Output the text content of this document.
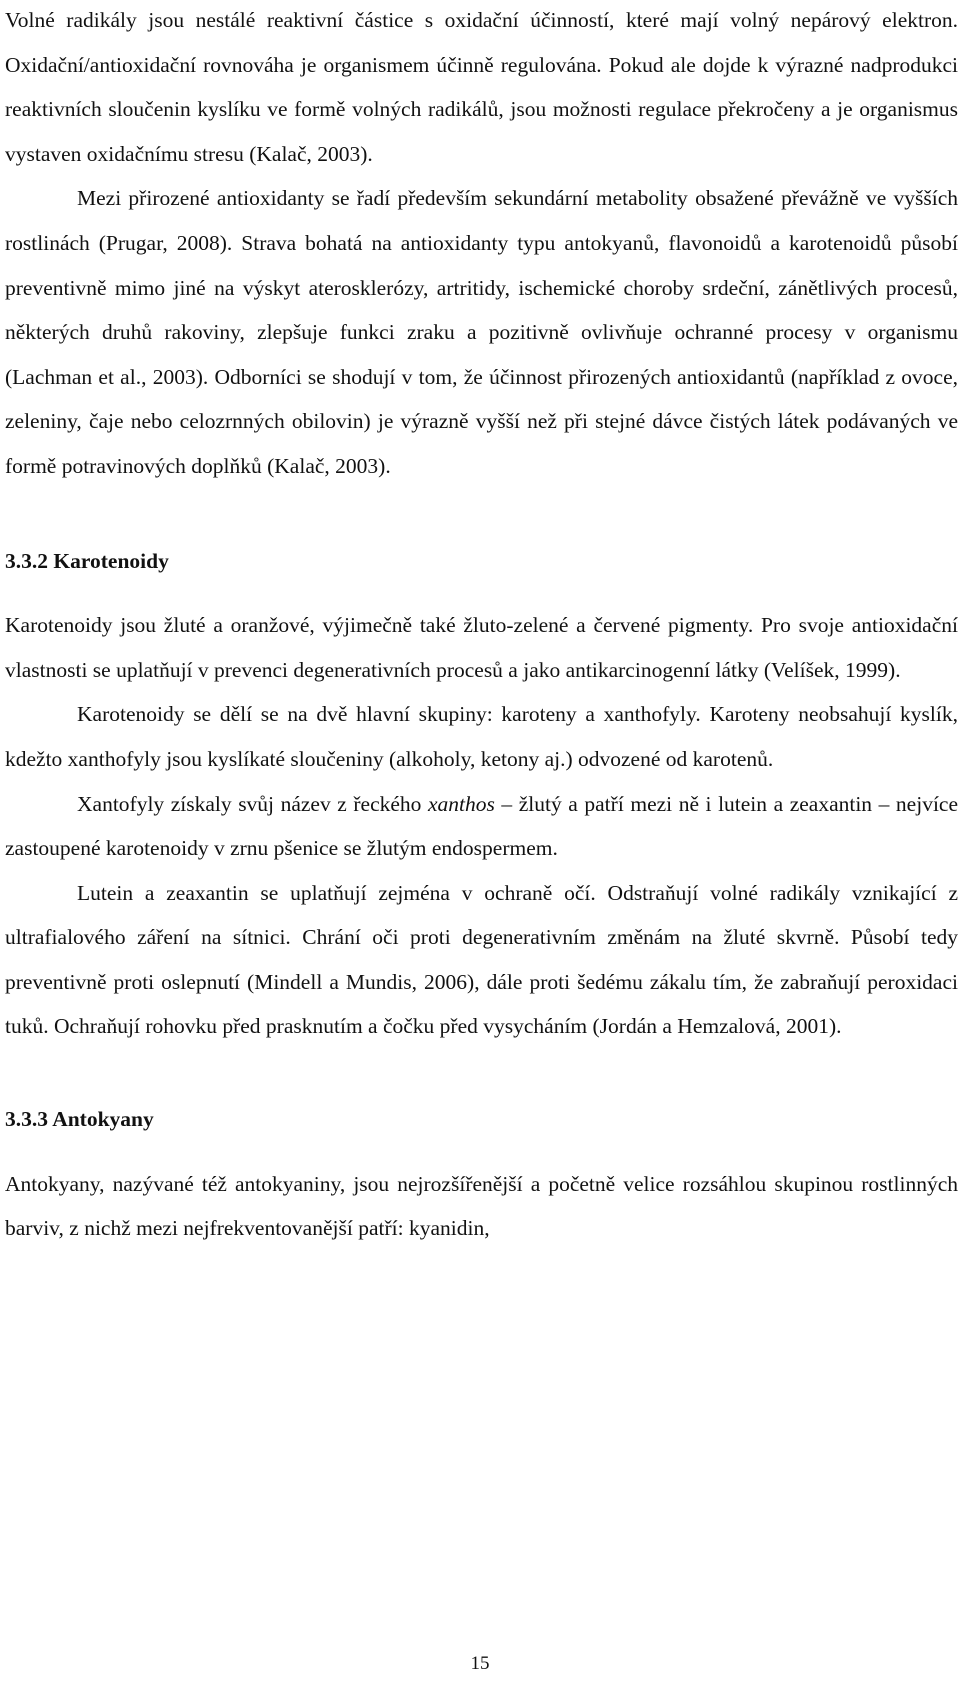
Volné radikály jsou nestálé reaktivní částice s oxidační účinností, které mají volný nepárový elektron. Oxidační/antioxidační rovnováha je organismem účinně regulována. Pokud ale dojde k výrazné nadprodukci reaktivních sloučenin kyslíku ve formě volných radikálů, jsou možnosti regulace překročeny a je organismus vystaven oxidačnímu stresu (Kalač, 2003).

Mezi přirozené antioxidanty se řadí především sekundární metabolity obsažené převážně ve vyšších rostlinách (Prugar, 2008). Strava bohatá na antioxidanty typu antokyanů, flavonoidů a karotenoidů působí preventivně mimo jiné na výskyt aterosklerózy, artritidy, ischemické choroby srdeční, zánětlivých procesů, některých druhů rakoviny, zlepšuje funkci zraku a pozitivně ovlivňuje ochranné procesy v organismu (Lachman et al., 2003). Odborníci se shodují v tom, že účinnost přirozených antioxidantů (například z ovoce, zeleniny, čaje nebo celozrnných obilovin) je výrazně vyšší než při stejné dávce čistých látek podávaných ve formě potravinových doplňků (Kalač, 2003).

3.3.2 Karotenoidy

Karotenoidy jsou žluté a oranžové, výjimečně také žluto-zelené a červené pigmenty. Pro svoje antioxidační vlastnosti se uplatňují v prevenci degenerativních procesů a jako antikarcinogenní látky (Velíšek, 1999).

Karotenoidy se dělí se na dvě hlavní skupiny: karoteny a xanthofyly. Karoteny neobsahují kyslík, kdežto xanthofyly jsou kyslíkaté sloučeniny (alkoholy, ketony aj.) odvozené od karotenů.

Xantofyly získaly svůj název z řeckého xanthos – žlutý a patří mezi ně i lutein a zeaxantin – nejvíce zastoupené karotenoidy v zrnu pšenice se žlutým endospermem.

Lutein a zeaxantin se uplatňují zejména v ochraně očí. Odstraňují volné radikály vznikající z ultrafialového záření na sítnici. Chrání oči proti degenerativním změnám na žluté skvrně. Působí tedy preventivně proti oslepnutí (Mindell a Mundis, 2006), dále proti šedému zákalu tím, že zabraňují peroxidaci tuků. Ochraňují rohovku před prasknutím a čočku před vysycháním (Jordán a Hemzalová, 2001).

3.3.3 Antokyany

Antokyany, nazývané též antokyaniny, jsou nejrozšířenější a početně velice rozsáhlou skupinou rostlinných barviv, z nichž mezi nejfrekventovanější patří: kyanidin,

15
